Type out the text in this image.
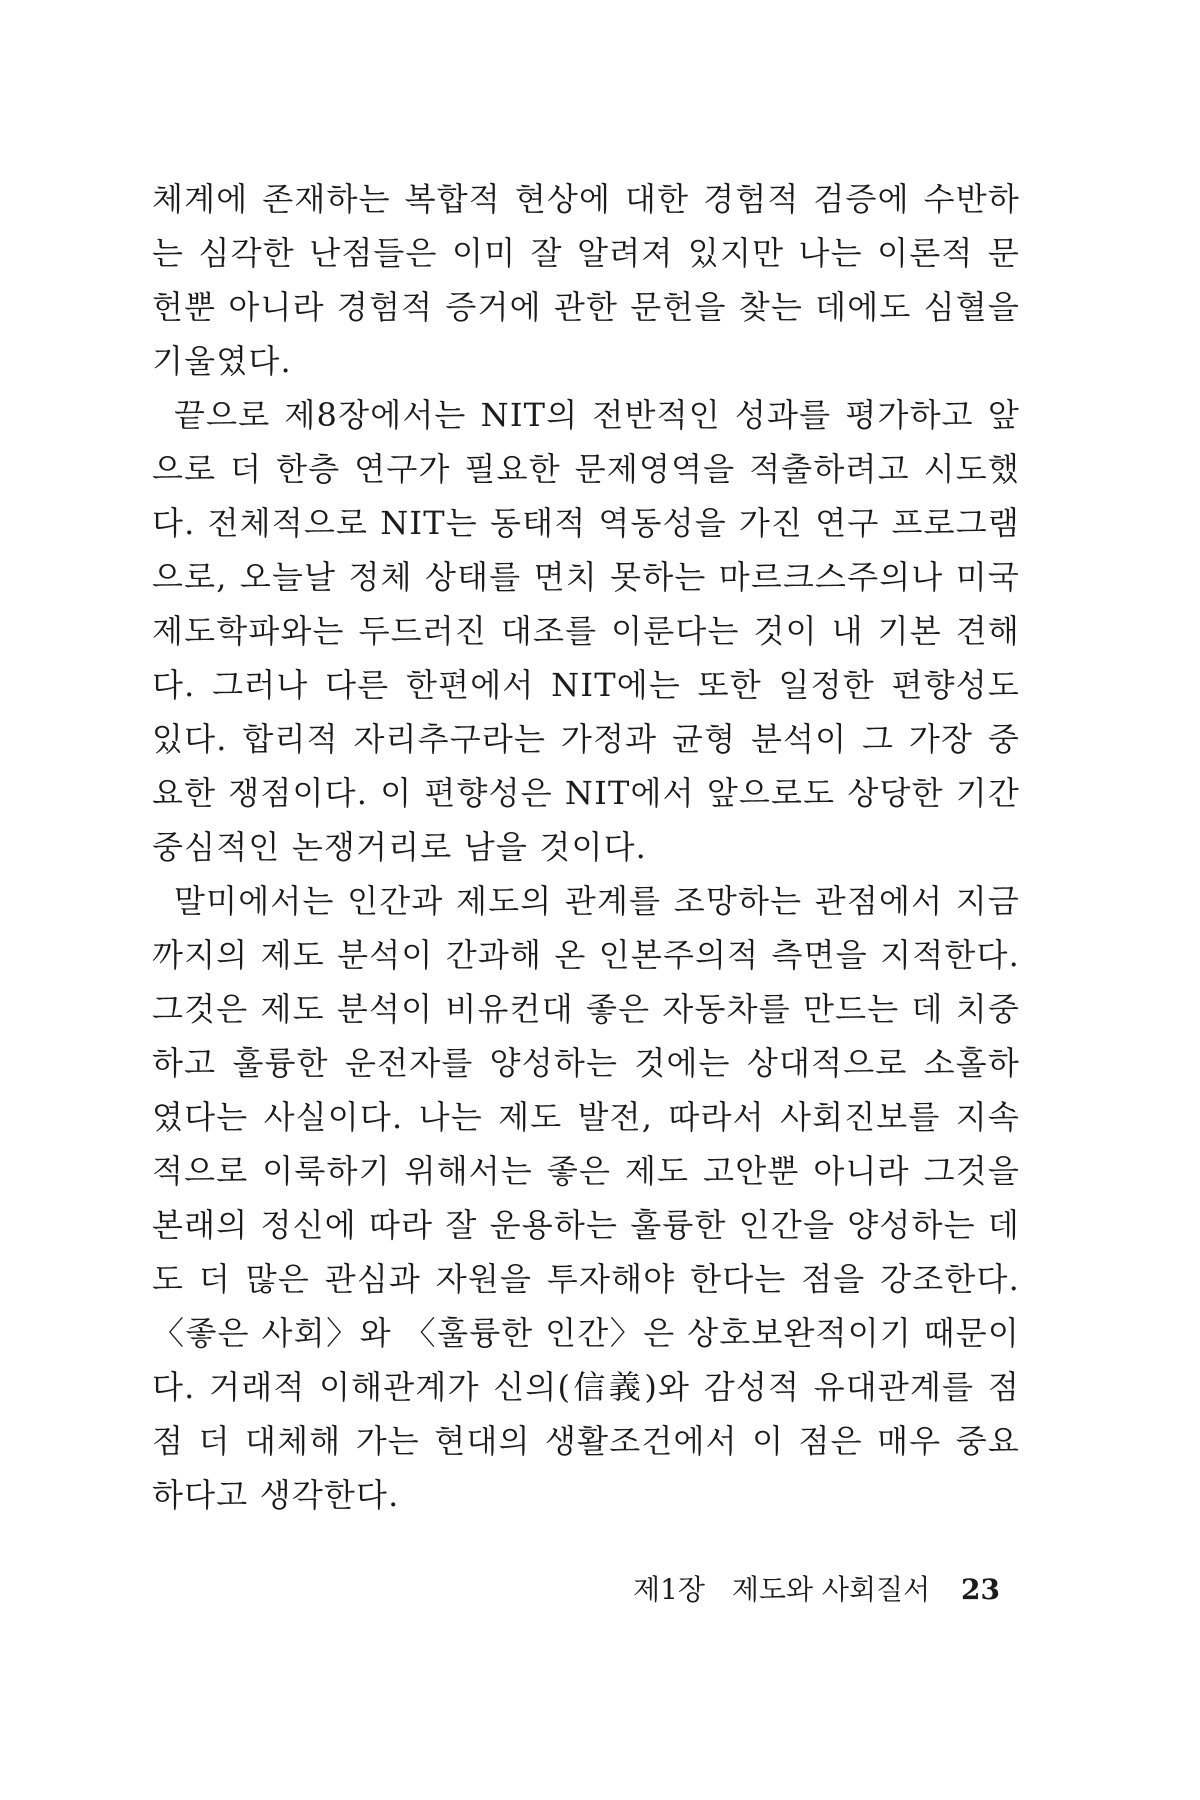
체계에 존재하는 복합적 현상에 대한 경험적 검증에 수반하는 심각한 난점들은 이미 잘 알려져 있지만 나는 이론적 문헌뿐 아니라 경험적 증거에 관한 문헌을 찾는 데에도 심혈을 기울였다.

끝으로 제8장에서는 NIT의 전반적인 성과를 평가하고 앞으로 더 한층 연구가 필요한 문제영역을 적출하려고 시도했다. 전체적으로 NIT는 동태적 역동성을 가진 연구 프로그램으로, 오늘날 정체 상태를 면치 못하는 마르크스주의나 미국 제도학파와는 두드러진 대조를 이룬다는 것이 내 기본 견해다. 그러나 다른 한편에서 NIT에는 또한 일정한 편향성도 있다. 합리적 자리추구라는 가정과 균형 분석이 그 가장 중요한 쟁점이다. 이 편향성은 NIT에서 앞으로도 상당한 기간 중심적인 논쟁거리로 남을 것이다.

말미에서는 인간과 제도의 관계를 조망하는 관점에서 지금까지의 제도 분석이 간과해 온 인본주의적 측면을 지적한다. 그것은 제도 분석이 비유컨대 좋은 자동차를 만드는 데 치중하고 훌륭한 운전자를 양성하는 것에는 상대적으로 소홀하였다는 사실이다. 나는 제도 발전, 따라서 사회진보를 지속적으로 이룩하기 위해서는 좋은 제도 고안뿐 아니라 그것을 본래의 정신에 따라 잘 운용하는 훌륭한 인간을 양성하는 데도 더 많은 관심과 자원을 투자해야 한다는 점을 강조한다. 〈좋은 사회〉와 〈훌륭한 인간〉은 상호보완적이기 때문이다. 거래적 이해관계가 신의(信義)와 감성적 유대관계를 점점 더 대체해 가는 현대의 생활조건에서 이 점은 매우 중요하다고 생각한다.

제1장 제도와 사회질서 23
